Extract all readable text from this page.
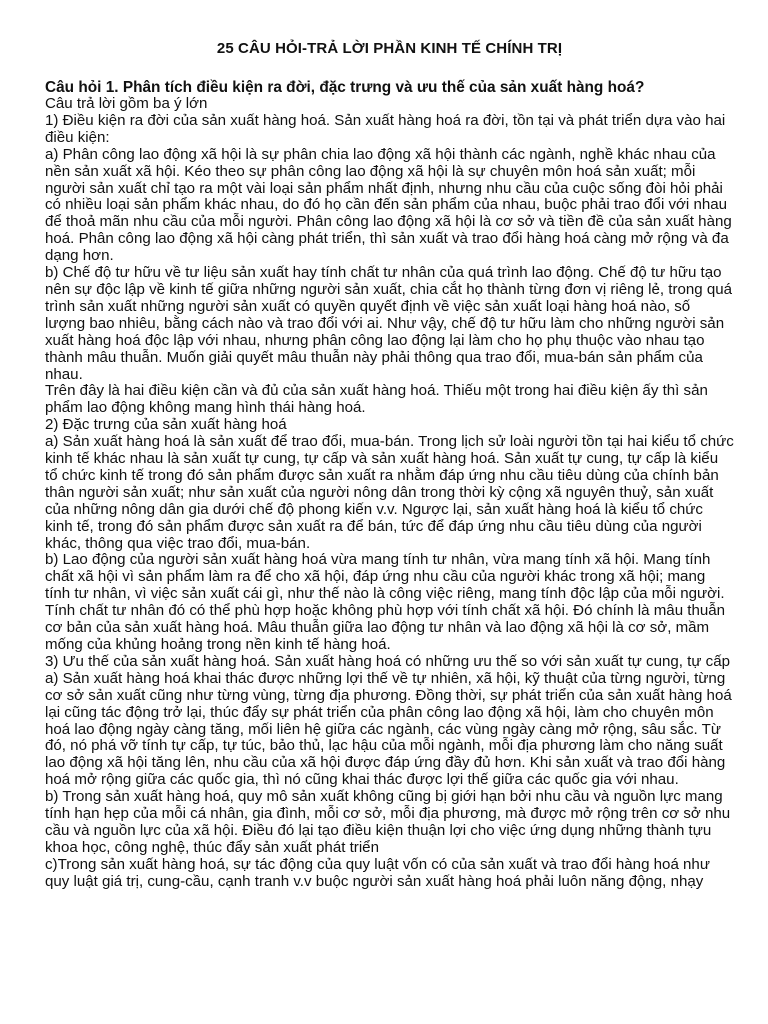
25 CÂU HỎI-TRẢ LỜI PHẦN KINH TẾ CHÍNH TRỊ

Câu hỏi 1. Phân tích điều kiện ra đời, đặc trưng và ưu thế của sản xuất hàng hoá?

Câu trả lời gồm ba ý lớn

1) Điều kiện ra đời của sản xuất hàng hoá. Sản xuất hàng hoá ra đời, tồn tại và phát triển dựa vào hai điều kiện:

a) Phân công lao động xã hội là sự phân chia lao động xã hội thành các ngành, nghề khác nhau của nền sản xuất xã hội. Kéo theo sự phân công lao động xã hội là sự chuyên môn hoá sản xuất; mỗi người sản xuất chỉ tạo ra một vài loại sản phẩm nhất định, nhưng nhu cầu của cuộc sống đòi hỏi phải có nhiều loại sản phẩm khác nhau, do đó họ cần đến sản phẩm của nhau, buộc phải trao đổi với nhau để thoả mãn nhu cầu của mỗi người. Phân công lao động xã hội là cơ sở và tiền đề của sản xuất hàng hoá. Phân công lao động xã hội càng phát triển, thì sản xuất và trao đổi hàng hoá càng mở rộng và đa dạng hơn.

b) Chế độ tư hữu về tư liệu sản xuất hay tính chất tư nhân của quá trình lao động. Chế độ tư hữu tạo nên sự độc lập về kinh tế giữa những người sản xuất, chia cắt họ thành từng đơn vị riêng lẻ, trong quá trình sản xuất những người sản xuất có quyền quyết định về việc sản xuất loại hàng hoá nào, số lượng bao nhiêu, bằng cách nào và trao đổi với ai. Như vậy, chế độ tư hữu làm cho những người sản xuất hàng hoá độc lập với nhau, nhưng phân công lao động lại làm cho họ phụ thuộc vào nhau tạo thành mâu thuẫn. Muốn giải quyết mâu thuẫn này phải thông qua trao đổi, mua-bán sản phẩm của nhau.

Trên đây là hai điều kiện cần và đủ của sản xuất hàng hoá. Thiếu một trong hai điều kiện ấy thì sản phẩm lao động không mang hình thái hàng hoá.

2) Đặc trưng của sản xuất hàng hoá

a) Sản xuất hàng hoá là sản xuất để trao đổi, mua-bán. Trong lịch sử loài người tồn tại hai kiểu tổ chức kinh tế khác nhau là sản xuất tự cung, tự cấp và sản xuất hàng hoá. Sản xuất tự cung, tự cấp là kiểu tổ chức kinh tế trong đó sản phẩm được sản xuất ra nhằm đáp ứng nhu cầu tiêu dùng của chính bản thân người sản xuất; như sản xuất của người nông dân trong thời kỳ cộng xã nguyên thuỷ, sản xuất của những nông dân gia dưới chế độ phong kiến v.v. Ngược lại, sản xuất hàng hoá là kiểu tổ chức kinh tế, trong đó sản phẩm được sản xuất ra để bán, tức để đáp ứng nhu cầu tiêu dùng của người khác, thông qua việc trao đổi, mua-bán.

b) Lao động của người sản xuất hàng hoá vừa mang tính tư nhân, vừa mang tính xã hội. Mang tính chất xã hội vì sản phẩm làm ra để cho xã hội, đáp ứng nhu cầu của người khác trong xã hội; mang tính tư nhân, vì việc sản xuất cái gì, như thế nào là công việc riêng, mang tính độc lập của mỗi người. Tính chất tư nhân đó có thể phù hợp hoặc không phù hợp với tính chất xã hội. Đó chính là mâu thuẫn cơ bản của sản xuất hàng hoá. Mâu thuẫn giữa lao động tư nhân và lao động xã hội là cơ sở, mầm mống của khủng hoảng trong nền kinh tế hàng hoá.

3) Ưu thế của sản xuất hàng hoá. Sản xuất hàng hoá có những ưu thế so với sản xuất tự cung, tự cấp

a) Sản xuất hàng hoá khai thác được những lợi thế về tự nhiên, xã hội, kỹ thuật của từng người, từng cơ sở sản xuất cũng như từng vùng, từng địa phương. Đồng thời, sự phát triển của sản xuất hàng hoá lại cũng tác động trở lại, thúc đẩy sự phát triển của phân công lao động xã hội, làm cho chuyên môn hoá lao động ngày càng tăng, mối liên hệ giữa các ngành, các vùng ngày càng mở rộng, sâu sắc. Từ đó, nó phá vỡ tính tự cấp, tự túc, bảo thủ, lạc hậu của mỗi ngành, mỗi địa phương làm cho năng suất lao động xã hội tăng lên, nhu cầu của xã hội được đáp ứng đầy đủ hơn. Khi sản xuất và trao đổi hàng hoá mở rộng giữa các quốc gia, thì nó cũng khai thác được lợi thế giữa các quốc gia với nhau.

b) Trong sản xuất hàng hoá, quy mô sản xuất không cũng bị giới hạn bởi nhu cầu và nguồn lực mang tính hạn hẹp của mỗi cá nhân, gia đình, mỗi cơ sở, mỗi địa phương, mà được mở rộng trên cơ sở nhu cầu và nguồn lực của xã hội. Điều đó lại tạo điều kiện thuận lợi cho việc ứng dụng những thành tựu khoa học, công nghệ, thúc đẩy sản xuất phát triển

c)Trong sản xuất hàng hoá, sự tác động của quy luật vốn có của sản xuất và trao đổi hàng hoá như quy luật giá trị, cung-cầu, cạnh tranh v.v buộc người sản xuất hàng hoá phải luôn năng động, nhạy
